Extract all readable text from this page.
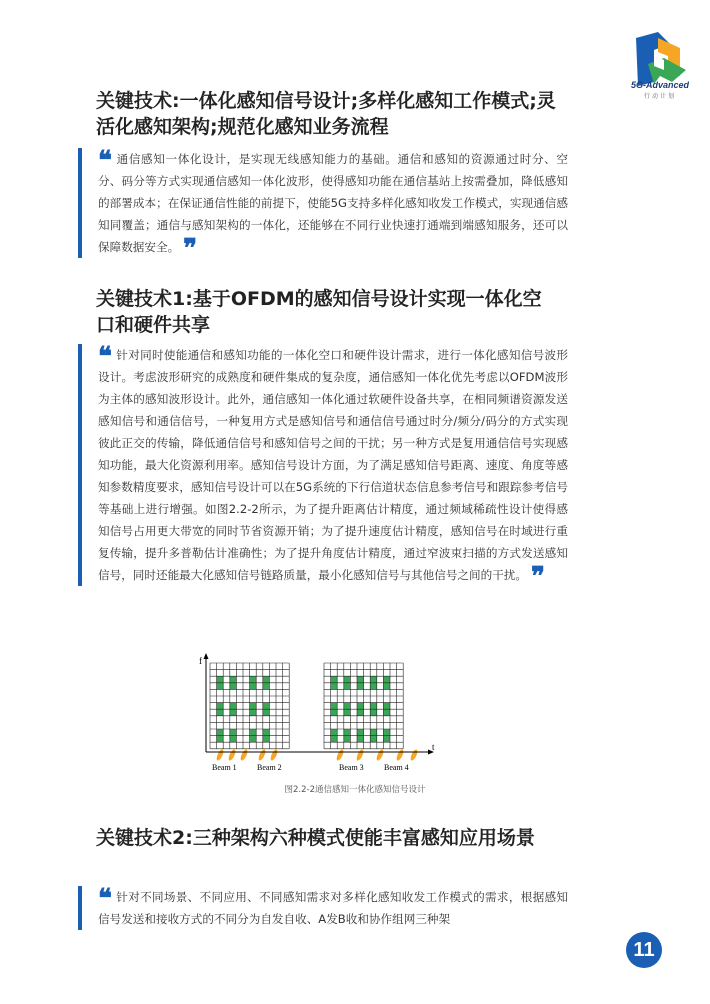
5G-Advanced
行动计划
关键技术:一体化感知信号设计;多样化感知工作模式;灵活化感知架构;规范化感知业务流程
❝ 通信感知一体化设计，是实现无线感知能力的基础。通信和感知的资源通过时分、空分、码分等方式实现通信感知一体化波形，使得感知功能在通信基站上按需叠加，降低感知的部署成本；在保证通信性能的前提下，使能5G支持多样化感知收发工作模式，实现通信感知同覆盖；通信与感知架构的一体化，还能够在不同行业快速打通端到端感知服务，还可以保障数据安全。 ❞
关键技术1:基于OFDM的感知信号设计实现一体化空口和硬件共享
❝ 针对同时使能通信和感知功能的一体化空口和硬件设计需求，进行一体化感知信号波形设计。考虑波形研究的成熟度和硬件集成的复杂度，通信感知一体化优先考虑以OFDM波形为主体的感知波形设计。此外，通信感知一体化通过软硬件设备共享，在相同频谱资源发送感知信号和通信信号，一种复用方式是感知信号和通信信号通过时分/频分/码分的方式实现彼此正交的传输，降低通信信号和感知信号之间的干扰；另一种方式是复用通信信号实现感知功能，最大化资源利用率。感知信号设计方面，为了满足感知信号距离、速度、角度等感知参数精度要求，感知信号设计可以在5G系统的下行信道状态信息参考信号和跟踪参考信号等基础上进行增强。如图2.2-2所示，为了提升距离估计精度，通过频域稀疏性设计使得感知信号占用更大带宽的同时节省资源开销；为了提升速度估计精度，感知信号在时域进行重复传输，提升多普勒估计准确性；为了提升角度估计精度，通过窄波束扫描的方式发送感知信号，同时还能最大化感知信号链路质量，最小化感知信号与其他信号之间的干扰。 ❞
f
t
Beam 1	Beam 2	Beam 3	Beam 4
图2.2-2通信感知一体化感知信号设计
关键技术2:三种架构六种模式使能丰富感知应用场景
❝ 针对不同场景、不同应用、不同感知需求对多样化感知收发工作模式的需求，根据感知信号发送和接收方式的不同分为自发自收、A发B收和协作组网三种架
11
